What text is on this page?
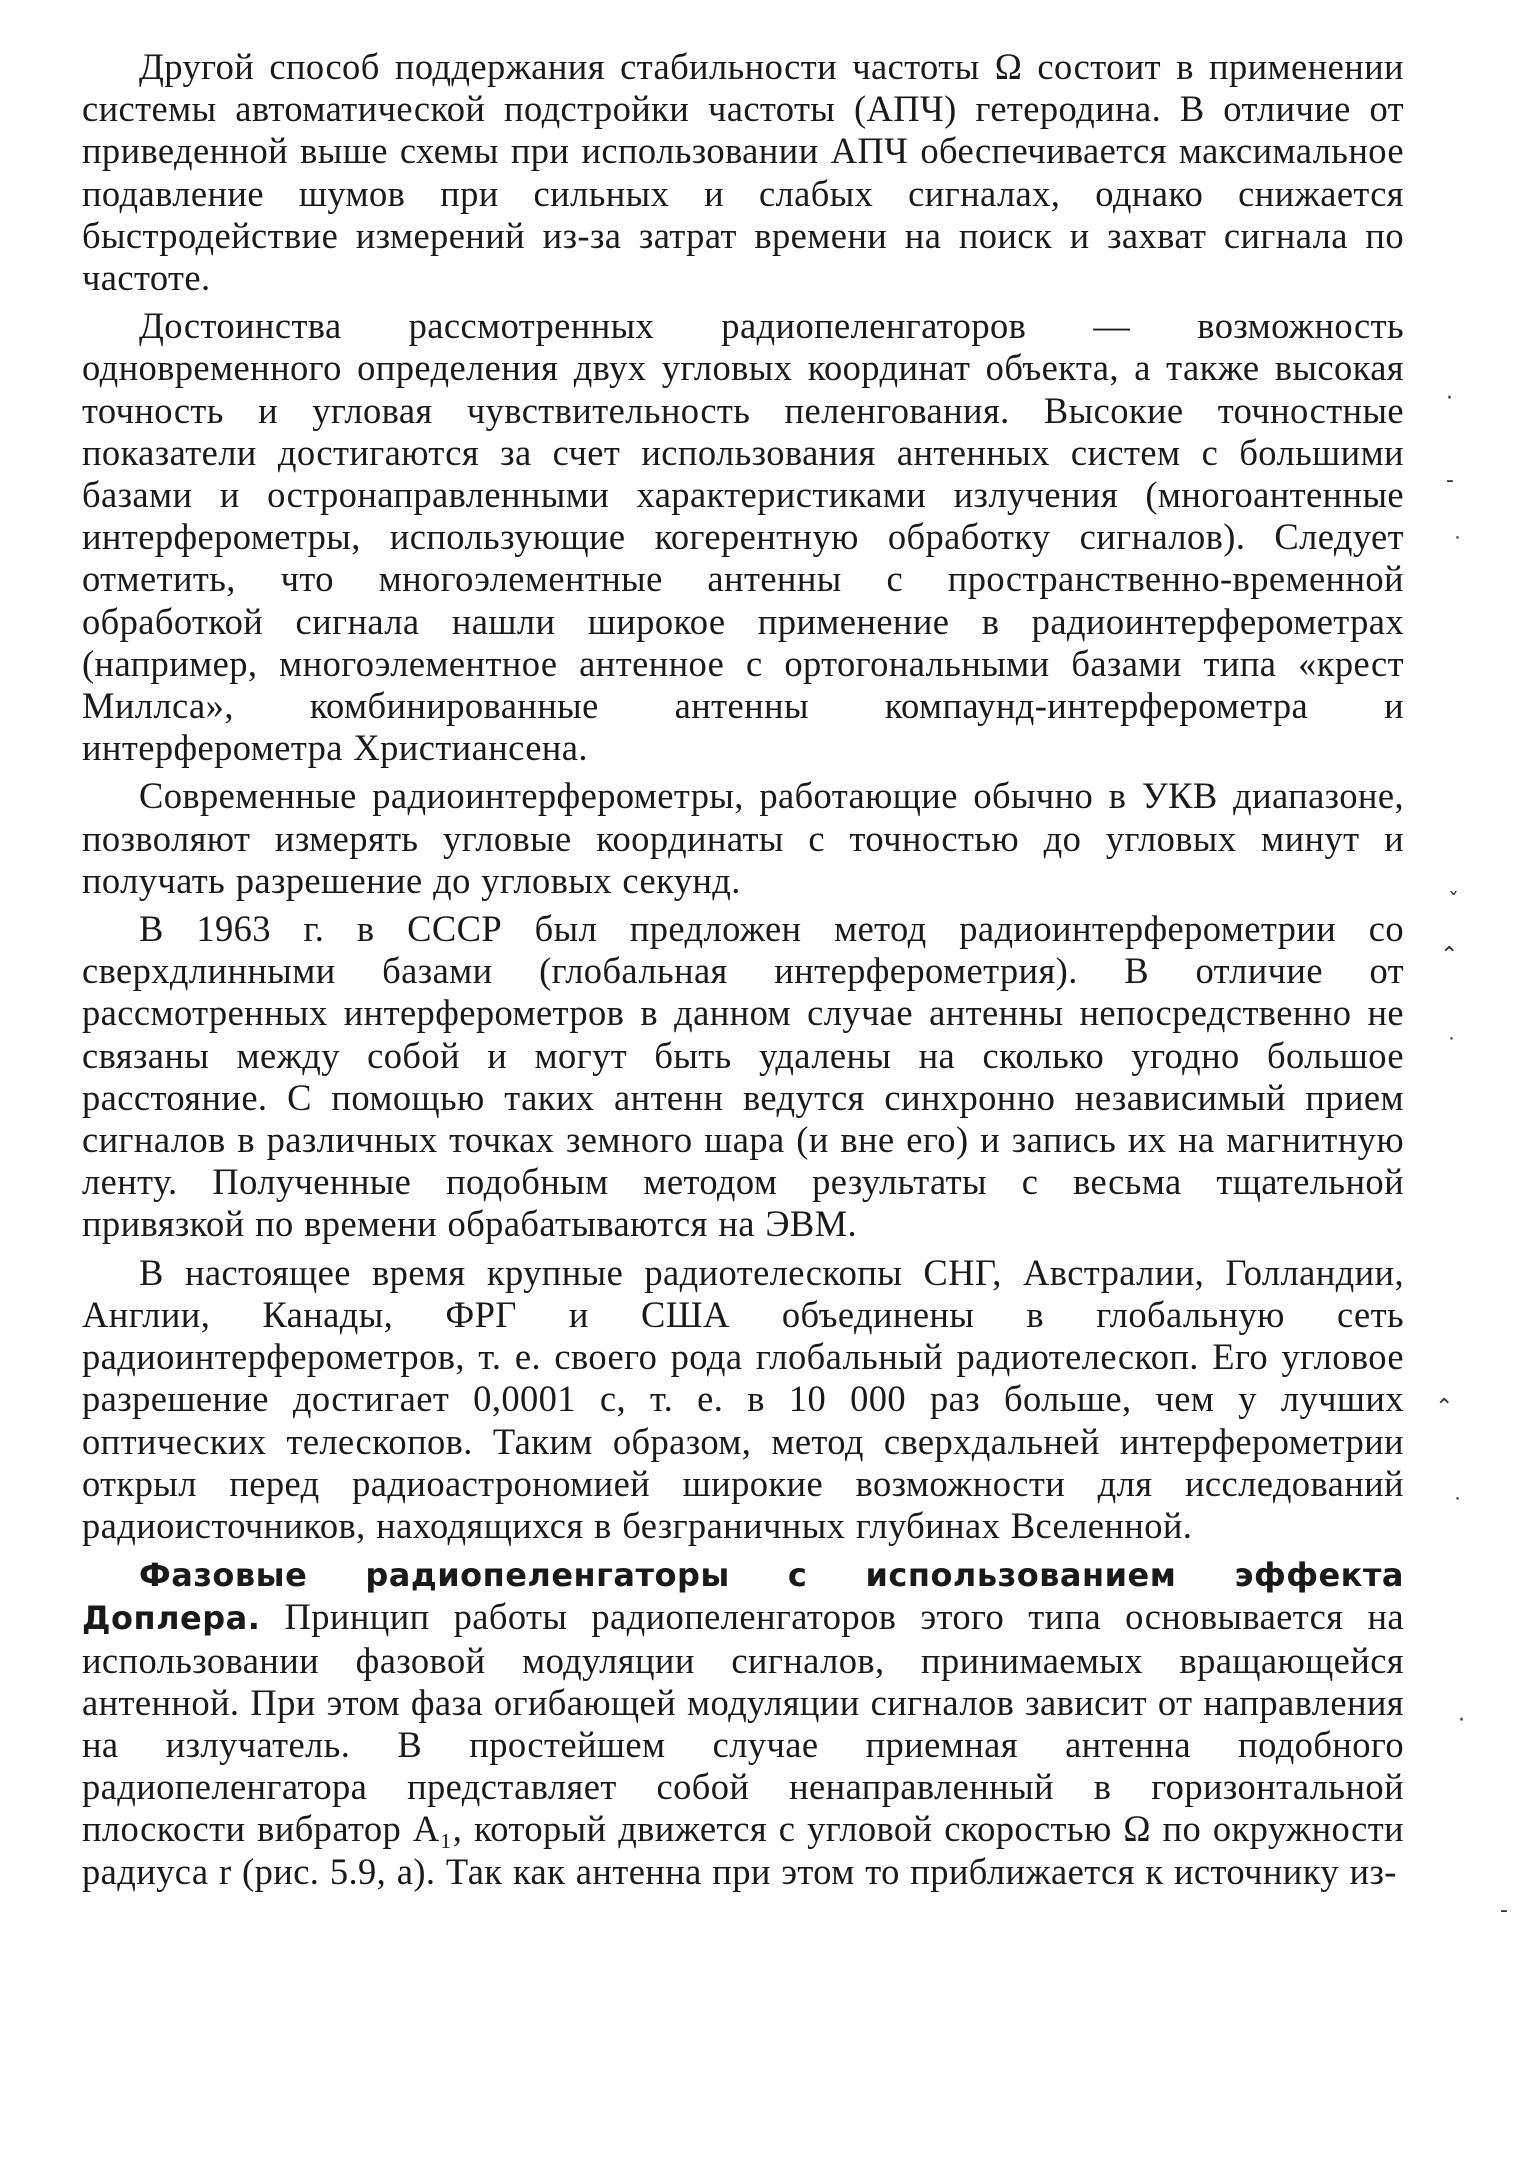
Другой способ поддержания стабильности частоты Ω состоит в применении системы автоматической подстройки частоты (АПЧ) гетеродина. В отличие от приведенной выше схемы при использовании АПЧ обеспечивается максимальное подавление шумов при сильных и слабых сигналах, однако снижается быстродействие измерений из-за затрат времени на поиск и захват сигнала по частоте.

Достоинства рассмотренных радиопеленгаторов — возможность одновременного определения двух угловых координат объекта, а также высокая точность и угловая чувствительность пеленгования. Высокие точностные показатели достигаются за счет использования антенных систем с большими базами и остронаправленными характеристиками излучения (многоантенные интерферометры, использующие когерентную обработку сигналов). Следует отметить, что многоэлементные антенны с пространственно-временной обработкой сигнала нашли широкое применение в радиоинтерферометрах (например, многоэлементное антенное с ортогональными базами типа «крест Миллса», комбинированные антенны компаунд-интерферометра и интерферометра Христиансена.

Современные радиоинтерферометры, работающие обычно в УКВ диапазоне, позволяют измерять угловые координаты с точностью до угловых минут и получать разрешение до угловых секунд.

В 1963 г. в СССР был предложен метод радиоинтерферометрии со сверхдлинными базами (глобальная интерферометрия). В отличие от рассмотренных интерферометров в данном случае антенны непосредственно не связаны между собой и могут быть удалены на сколько угодно большое расстояние. С помощью таких антенн ведутся синхронно независимый прием сигналов в различных точках земного шара (и вне его) и запись их на магнитную ленту. Полученные подобным методом результаты с весьма тщательной привязкой по времени обрабатываются на ЭВМ.

В настоящее время крупные радиотелескопы СНГ, Австралии, Голландии, Англии, Канады, ФРГ и США объединены в глобальную сеть радиоинтерферометров, т. е. своего рода глобальный радиотелескоп. Его угловое разрешение достигает 0,0001 с, т. е. в 10 000 раз больше, чем у лучших оптических телескопов. Таким образом, метод сверхдальней интерферометрии открыл перед радиоастрономией широкие возможности для исследований радиоисточников, находящихся в безграничных глубинах Вселенной.

Фазовые радиопеленгаторы с использованием эффекта Доплера. Принцип работы радиопеленгаторов этого типа основывается на использовании фазовой модуляции сигналов, принимаемых вращающейся антенной. При этом фаза огибающей модуляции сигналов зависит от направления на излучатель. В простейшем случае приемная антенна подобного радиопеленгатора представляет собой ненаправленный в горизонтальной плоскости вибратор A₁, который движется с угловой скоростью Ω по окружности радиуса r (рис. 5.9, а). Так как антенна при этом то приближается к источнику из-

·
‐
˙
ˇ
⌃
˙
⌃
˙
·
‐
